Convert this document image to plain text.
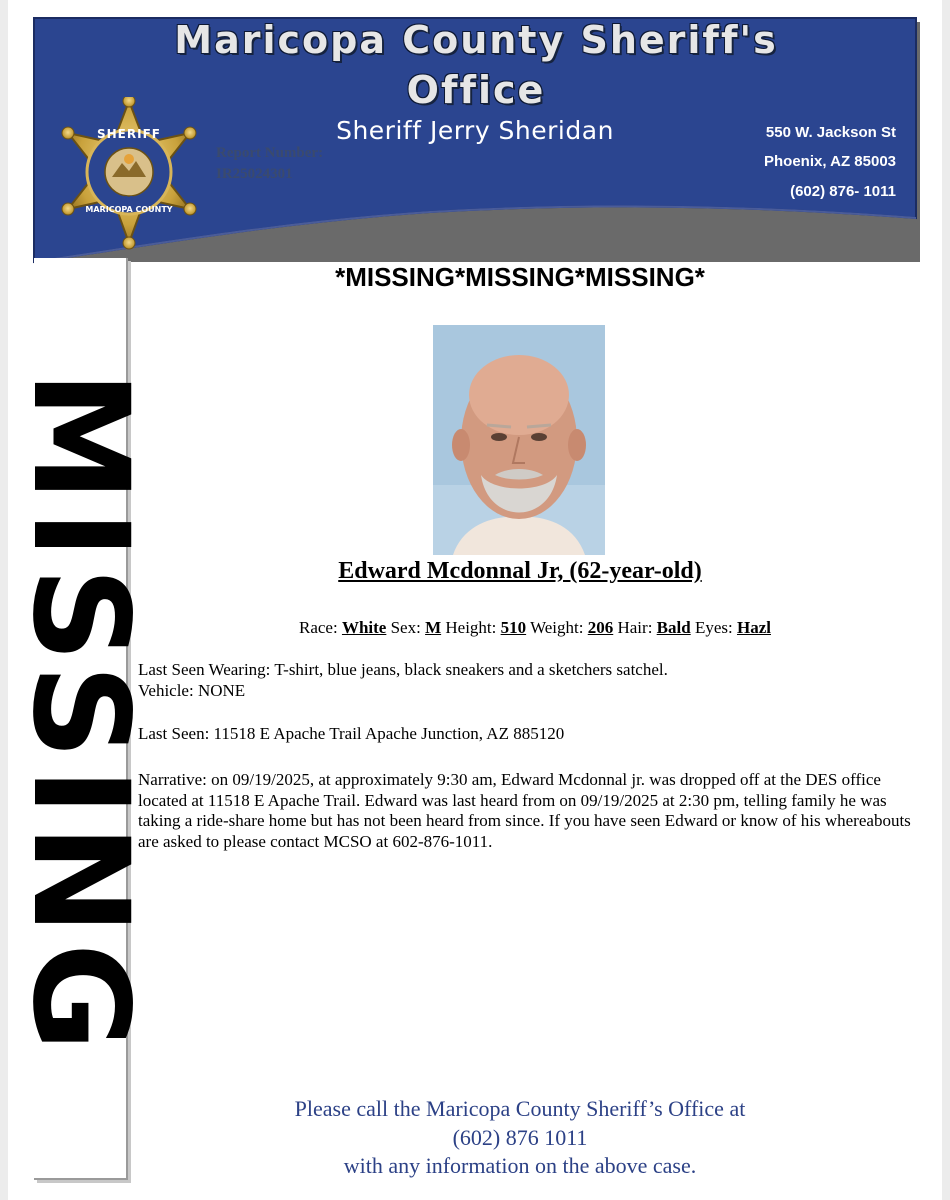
Maricopa County Sheriff's
Office
Sheriff Jerry Sheridan	550 W. Jackson St
Phoenix, AZ 85003
(602) 876- 1011
Report Number:
IR25024301
SHERIFF
MARICOPA COUNTY
1912
MISSING
*MISSING*MISSING*MISSING*
Edward Mcdonnal Jr, (62-year-old)
Race: White Sex: M Height: 510 Weight: 206 Hair: Bald Eyes: Hazl
Last Seen Wearing: T-shirt, blue jeans, black sneakers and a sketchers satchel.
Vehicle: NONE
Last Seen: 11518 E Apache Trail Apache Junction, AZ 885120
Narrative: on 09/19/2025, at approximately 9:30 am, Edward Mcdonnal jr. was dropped off at the DES office located at 11518 E Apache Trail. Edward was last heard from on 09/19/2025 at 2:30 pm, telling family he was taking a ride-share home but has not been heard from since. If you have seen Edward or know of his whereabouts are asked to please contact MCSO at 602-876-1011.
Please call the Maricopa County Sheriff’s Office at
(602) 876 1011
with any information on the above case.
